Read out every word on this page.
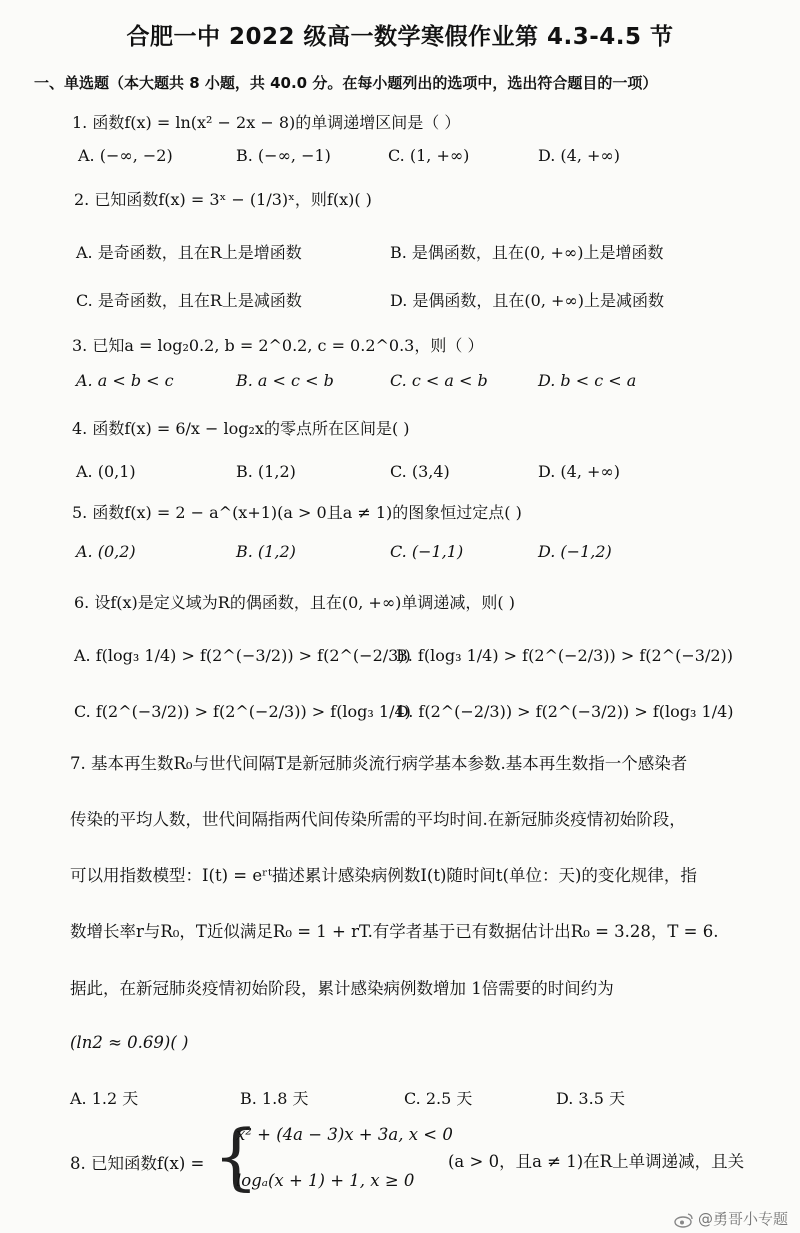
合肥一中 2022 级高一数学寒假作业第 4.3-4.5 节
一、单选题（本大题共 8 小题，共 40.0 分。在每小题列出的选项中，选出符合题目的一项）
1. 函数f(x) = ln(x² − 2x − 8)的单调递增区间是（ ）
A. (−∞, −2)	B. (−∞, −1)	C. (1, +∞)	D. (4, +∞)
2. 已知函数f(x) = 3ˣ − (1/3)ˣ，则f(x)( )
A. 是奇函数，且在R上是增函数	B. 是偶函数，且在(0, +∞)上是增函数
C. 是奇函数，且在R上是减函数	D. 是偶函数，且在(0, +∞)上是减函数
3. 已知a = log₂0.2, b = 2^0.2, c = 0.2^0.3，则（ ）
A. a < b < c	B. a < c < b	C. c < a < b	D. b < c < a
4. 函数f(x) = 6/x − log₂x的零点所在区间是( )
A. (0,1)	B. (1,2)	C. (3,4)	D. (4, +∞)
5. 函数f(x) = 2 − a^(x+1)(a > 0且a ≠ 1)的图象恒过定点( )
A. (0,2)	B. (1,2)	C. (−1,1)	D. (−1,2)
6. 设f(x)是定义域为R的偶函数，且在(0, +∞)单调递减，则( )
A. f(log₃ 1/4) > f(2^(−3/2)) > f(2^(−2/3))
B. f(log₃ 1/4) > f(2^(−2/3)) > f(2^(−3/2))
C. f(2^(−3/2)) > f(2^(−2/3)) > f(log₃ 1/4)
D. f(2^(−2/3)) > f(2^(−3/2)) > f(log₃ 1/4)
7. 基本再生数R₀与世代间隔T是新冠肺炎流行病学基本参数.基本再生数指一个感染者
传染的平均人数，世代间隔指两代间传染所需的平均时间.在新冠肺炎疫情初始阶段，
可以用指数模型：I(t) = eʳᵗ描述累计感染病例数I(t)随时间t(单位：天)的变化规律，指
数增长率r与R₀，T近似满足R₀ = 1 + rT.有学者基于已有数据估计出R₀ = 3.28，T = 6.
据此，在新冠肺炎疫情初始阶段，累计感染病例数增加 1倍需要的时间约为
(ln2 ≈ 0.69)( )
A. 1.2 天	B. 1.8 天	C. 2.5 天	D. 3.5 天
8. 已知函数f(x) = {
x² + (4a − 3)x + 3a, x < 0
logₐ(x + 1) + 1, x ≥ 0
(a > 0，且a ≠ 1)在R上单调递减，且关
@勇哥小专题
